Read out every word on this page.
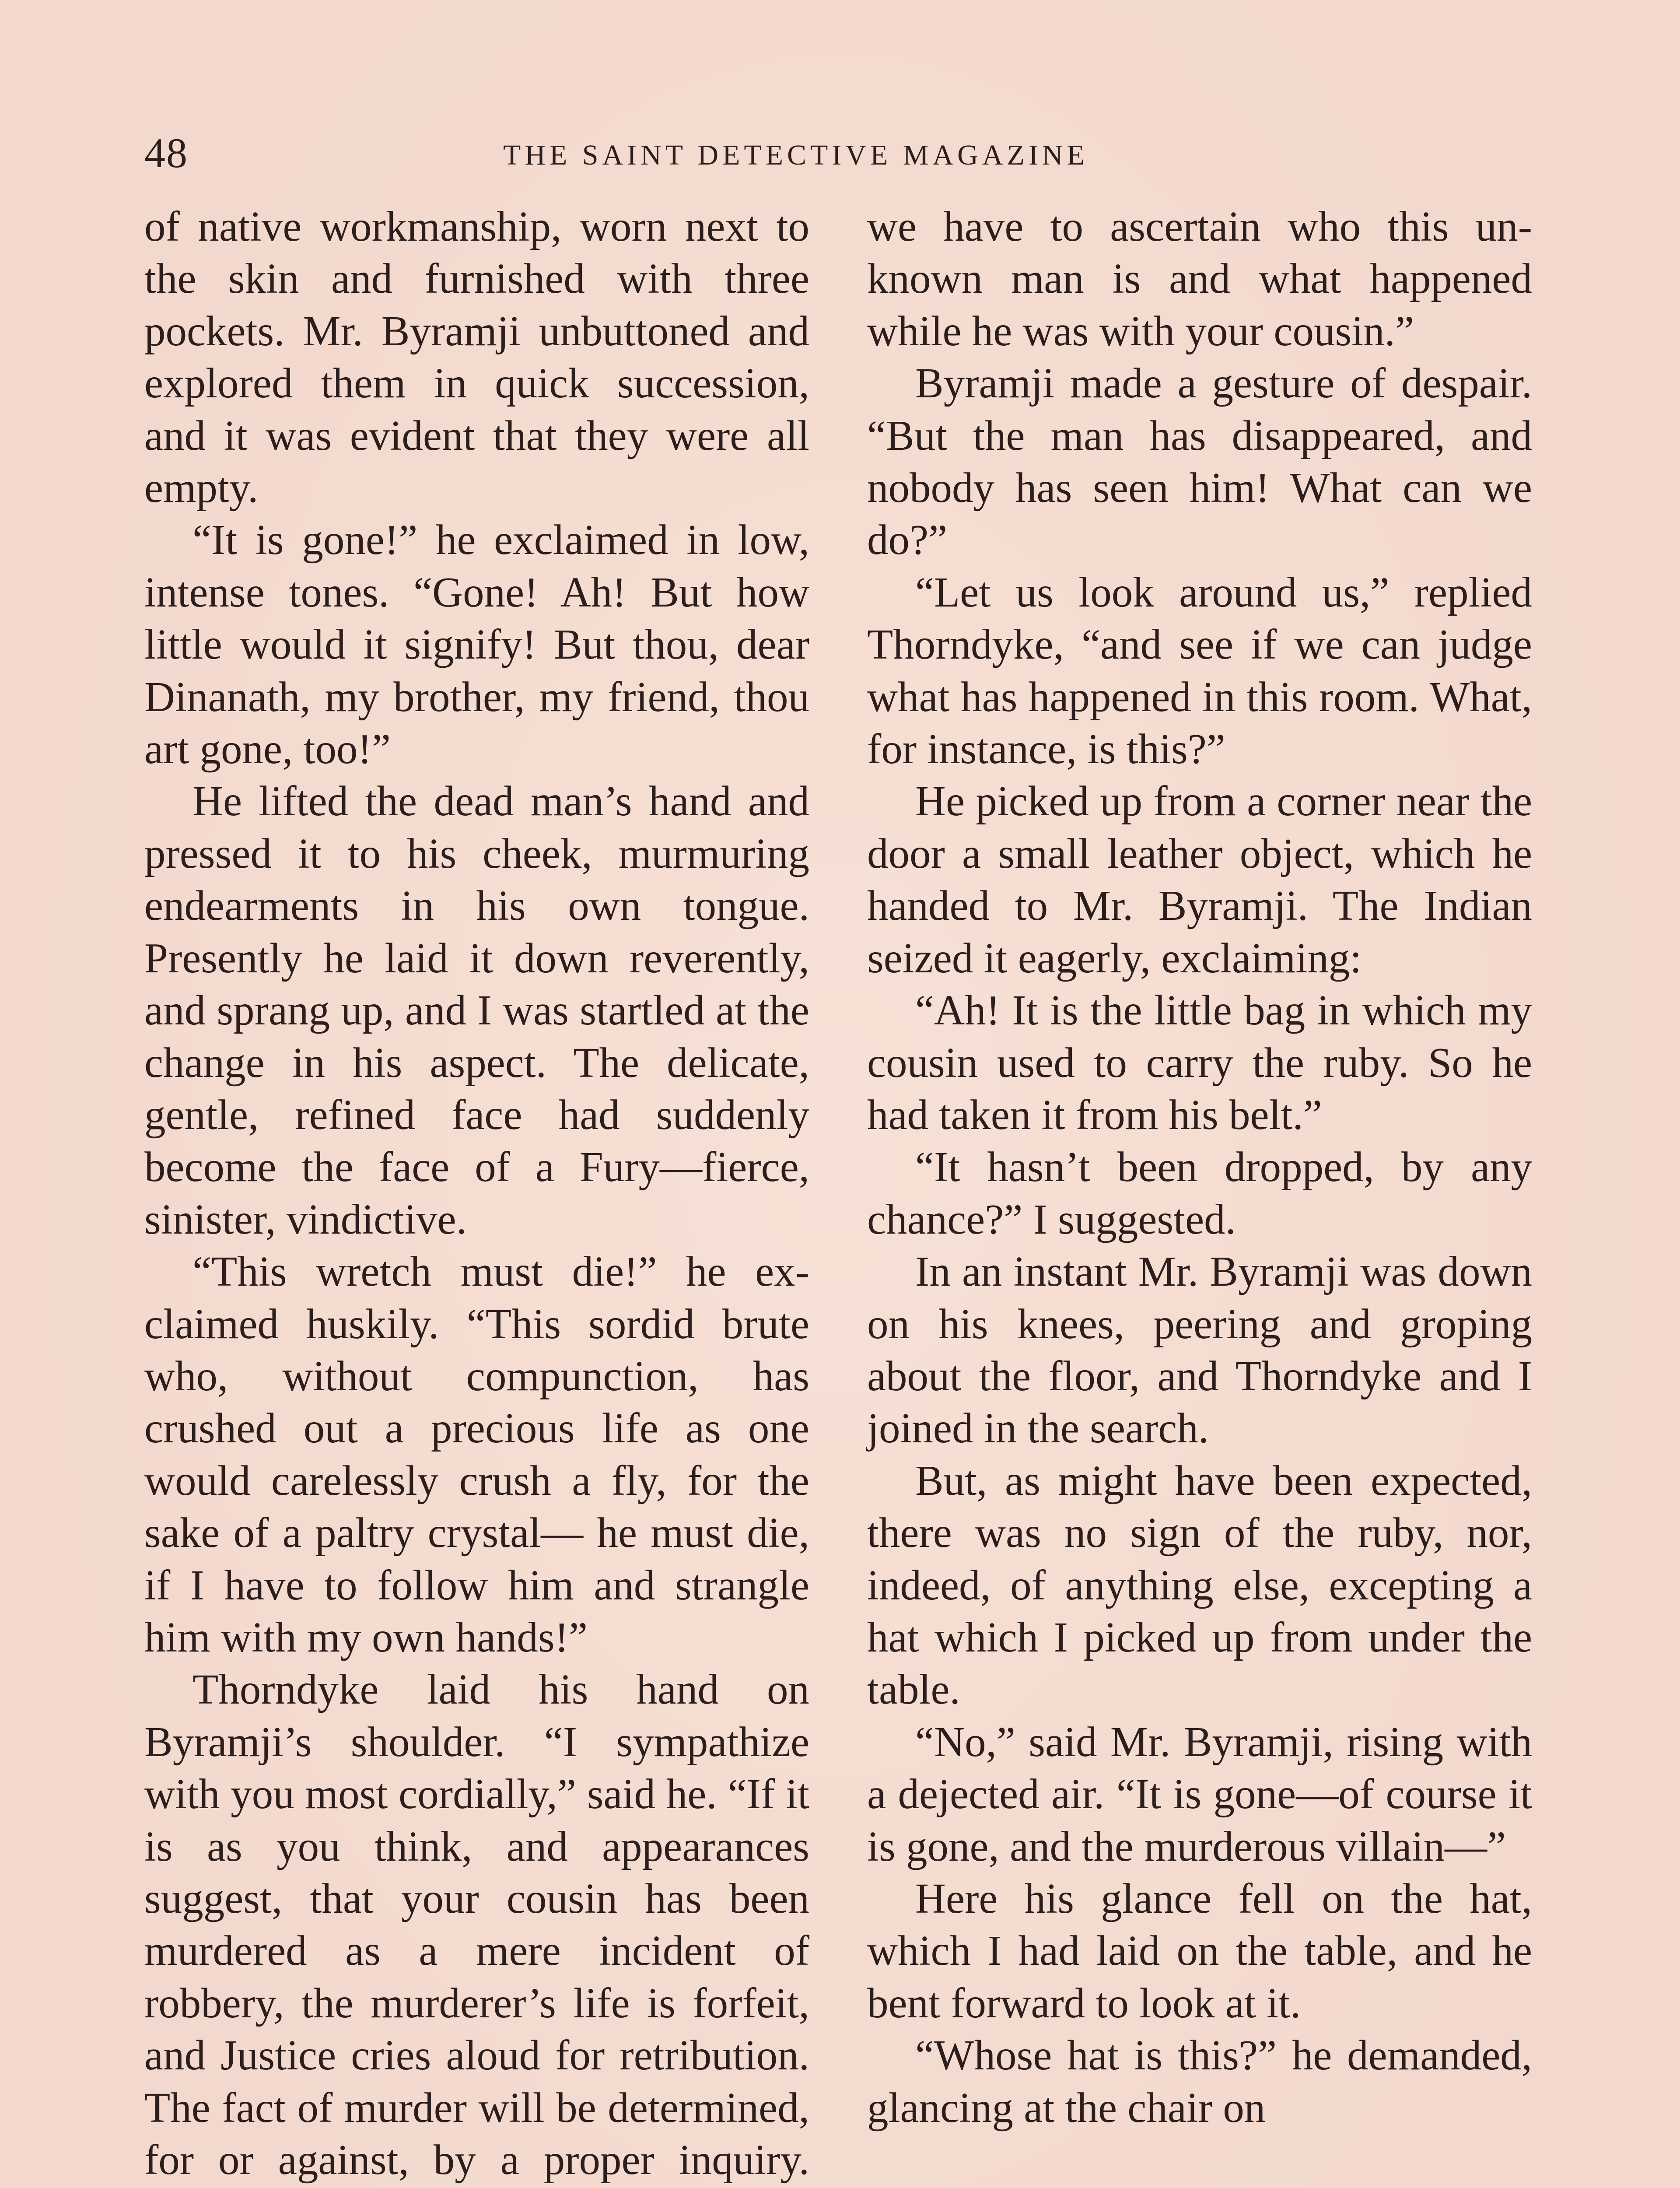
48	THE SAINT DETECTIVE MAGAZINE

of native workmanship, worn next to the skin and furnished with three pockets. Mr. Byramji unbuttoned and explored them in quick succession, and it was evident that they were all empty.

“It is gone!” he exclaimed in low, intense tones. “Gone! Ah! But how little would it signify! But thou, dear Dinanath, my brother, my friend, thou art gone, too!”

He lifted the dead man’s hand and pressed it to his cheek, murmuring endearments in his own tongue. Presently he laid it down reverently, and sprang up, and I was startled at the change in his aspect. The delicate, gentle, refined face had suddenly become the face of a Fury—fierce, sinister, vindictive.

“This wretch must die!” he exclaimed huskily. “This sordid brute who, without compunction, has crushed out a precious life as one would carelessly crush a fly, for the sake of a paltry crystal— he must die, if I have to follow him and strangle him with my own hands!”

Thorndyke laid his hand on Byramji’s shoulder. “I sympathize with you most cordially,” said he. “If it is as you think, and appearances suggest, that your cousin has been murdered as a mere incident of robbery, the murderer’s life is forfeit, and Justice cries aloud for retribution. The fact of murder will be determined, for or against, by a proper inquiry.

we have to ascertain who this unknown man is and what happened while he was with your cousin.”

Byramji made a gesture of despair. “But the man has disappeared, and nobody has seen him! What can we do?”

“Let us look around us,” replied Thorndyke, “and see if we can judge what has happened in this room. What, for instance, is this?”

He picked up from a corner near the door a small leather object, which he handed to Mr. Byramji. The Indian seized it eagerly, exclaiming:

“Ah! It is the little bag in which my cousin used to carry the ruby. So he had taken it from his belt.”

“It hasn’t been dropped, by any chance?” I suggested.

In an instant Mr. Byramji was down on his knees, peering and groping about the floor, and Thorndyke and I joined in the search.

But, as might have been expected, there was no sign of the ruby, nor, indeed, of anything else, excepting a hat which I picked up from under the table.

“No,” said Mr. Byramji, rising with a dejected air. “It is gone—of course it is gone, and the murderous villain—”

Here his glance fell on the hat, which I had laid on the table, and he bent forward to look at it.

“Whose hat is this?” he demanded, glancing at the chair on
